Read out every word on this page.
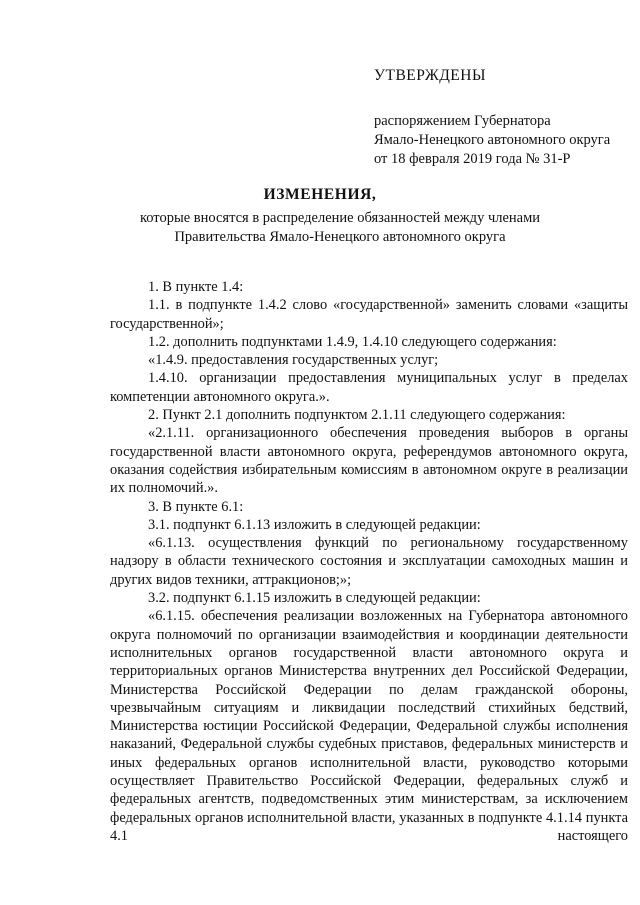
УТВЕРЖДЕНЫ
распоряжением Губернатора
Ямало-Ненецкого автономного округа
от 18 февраля 2019 года № 31-Р
ИЗМЕНЕНИЯ,
которые вносятся в распределение обязанностей между членами
Правительства Ямало-Ненецкого автономного округа

1. В пункте 1.4:

1.1. в подпункте 1.4.2 слово «государственной» заменить словами «защиты государственной»;

1.2. дополнить подпунктами 1.4.9, 1.4.10 следующего содержания:

«1.4.9. предоставления государственных услуг;

1.4.10. организации предоставления муниципальных услуг в пределах компетенции автономного округа.».

2. Пункт 2.1 дополнить подпунктом 2.1.11 следующего содержания:

«2.1.11. организационного обеспечения проведения выборов в органы государственной власти автономного округа, референдумов автономного округа, оказания содействия избирательным комиссиям в автономном округе в реализации их полномочий.».

3. В пункте 6.1:

3.1. подпункт 6.1.13 изложить в следующей редакции:

«6.1.13. осуществления функций по региональному государственному надзору в области технического состояния и эксплуатации самоходных машин и других видов техники, аттракционов;»;

3.2. подпункт 6.1.15 изложить в следующей редакции:

«6.1.15. обеспечения реализации возложенных на Губернатора автономного округа полномочий по организации взаимодействия и координации деятельности исполнительных органов государственной власти автономного округа и территориальных органов Министерства внутренних дел Российской Федерации, Министерства Российской Федерации по делам гражданской обороны, чрезвычайным ситуациям и ликвидации последствий стихийных бедствий, Министерства юстиции Российской Федерации, Федеральной службы исполнения наказаний, Федеральной службы судебных приставов, федеральных министерств и иных федеральных органов исполнительной власти, руководство которыми осуществляет Правительство Российской Федерации, федеральных служб и федеральных агентств, подведомственных этим министерствам, за исключением федеральных органов исполнительной власти, указанных в подпункте 4.1.14 пункта 4.1 настоящего
